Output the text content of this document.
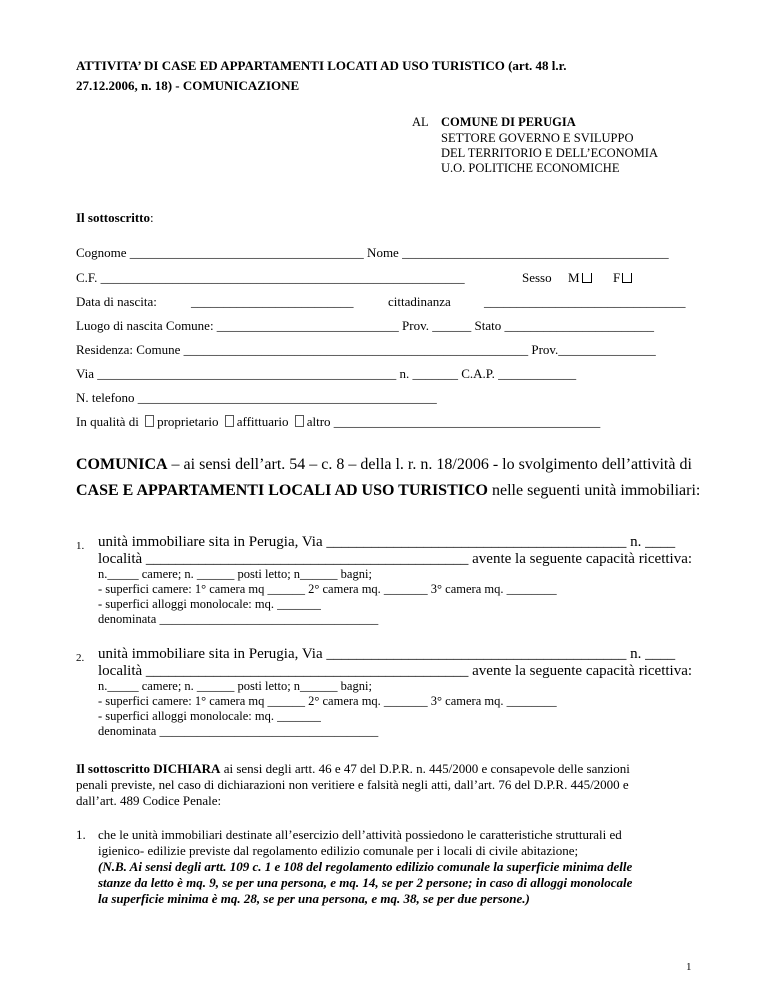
ATTIVITA’ DI CASE ED APPARTAMENTI LOCATI AD USO TURISTICO (art. 48 l.r.
27.12.2006, n. 18) - COMUNICAZIONE
AL COMUNE DI PERUGIA
SETTORE GOVERNO E SVILUPPO
DEL TERRITORIO E DELL’ECONOMIA
U.O. POLITICHE ECONOMICHE
Il sottoscritto:
Cognome ____________________________________ Nome _________________________________________
C.F. ________________________________________________________	Sesso M	F
Data di nascita:	_________________________	cittadinanza	_______________________________
Luogo di nascita Comune: ____________________________ Prov. ______ Stato _______________________
Residenza: Comune _____________________________________________________ Prov._______________
Via ______________________________________________ n. _______ C.A.P. ____________
N. telefono ______________________________________________
In qualità di proprietario affittuario altro _________________________________________
COMUNICA – ai sensi dell’art. 54 – c. 8 – della l. r. n. 18/2006 - lo svolgimento dell’attività di
CASE E APPARTAMENTI LOCALI AD USO TURISTICO nelle seguenti unità immobiliari:
1. unità immobiliare sita in Perugia, Via ________________________________________ n. ____
località ___________________________________________ avente la seguente capacità ricettiva:
n._____ camere; n. ______ posti letto; n______ bagni;
- superfici camere: 1° camera mq ______ 2° camera mq. _______ 3° camera mq. ________
- superfici alloggi monolocale: mq. _______
denominata ___________________________________
2. unità immobiliare sita in Perugia, Via ________________________________________ n. ____
località ___________________________________________ avente la seguente capacità ricettiva:
n._____ camere; n. ______ posti letto; n______ bagni;
- superfici camere: 1° camera mq ______ 2° camera mq. _______ 3° camera mq. ________
- superfici alloggi monolocale: mq. _______
denominata ___________________________________
Il sottoscritto DICHIARA ai sensi degli artt. 46 e 47 del D.P.R. n. 445/2000 e consapevole delle sanzioni
penali previste, nel caso di dichiarazioni non veritiere e falsità negli atti, dall’art. 76 del D.P.R. 445/2000 e
dall’art. 489 Codice Penale:
1. che le unità immobiliari destinate all’esercizio dell’attività possiedono le caratteristiche strutturali ed
igienico- edilizie previste dal regolamento edilizio comunale per i locali di civile abitazione;
(N.B. Ai sensi degli artt. 109 c. 1 e 108 del regolamento edilizio comunale la superficie minima delle
stanze da letto è mq. 9, se per una persona, e mq. 14, se per 2 persone; in caso di alloggi monolocale
la superficie minima è mq. 28, se per una persona, e mq. 38, se per due persone.)
1
